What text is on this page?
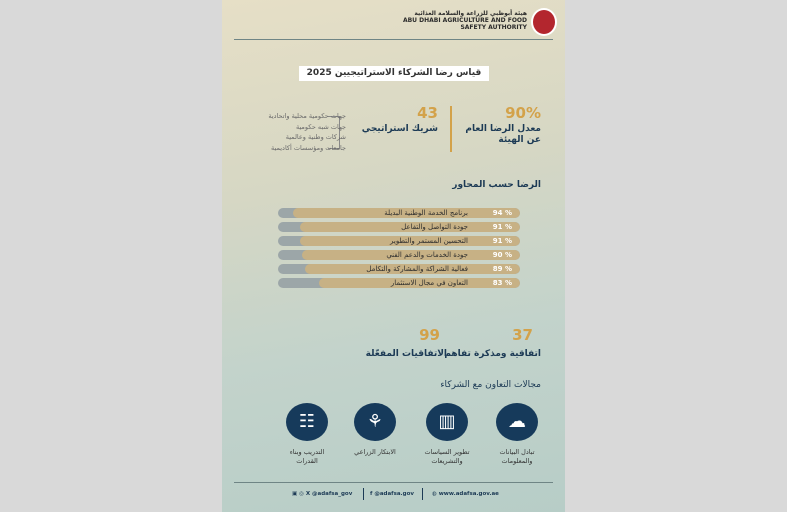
هيئة أبوظبي للزراعة والسلامة الغذائية
ABU DHABI AGRICULTURE AND FOOD
SAFETY AUTHORITY
قياس رضا الشركاء الاستراتيجيين 2025
90%
معدل الرضا العام
عن الهيئة
43
شريك استراتيجي
جهات حكومية محلية واتحادية
جهات شبه حكومية
شركات وطنية وعالمية
جامعات ومؤسسات أكاديمية
الرضا حسب المحاور
برنامج الخدمة الوطنية البديلة	94 %
جودة التواصل والتفاعل	91 %
التحسين المستمر والتطوير	91 %
جودة الخدمات والدعم الفني	90 %
فعالية الشراكة والمشاركة والتكامل	89 %
التعاون في مجال الاستثمار	83 %
37
اتفاقية ومذكرة تفاهم
99
الاتفاقيات المفعّلة
مجالات التعاون مع الشركاء
☁
تبادل البيانات
والمعلومات
▥
تطوير السياسات
والتشريعات
⚘
الابتكار الزراعي
☷
التدريب وبناء
القدرات
◍ www.adafsa.gov.ae
f @adafsa.gov
▣ ◎ X @adafsa_gov
